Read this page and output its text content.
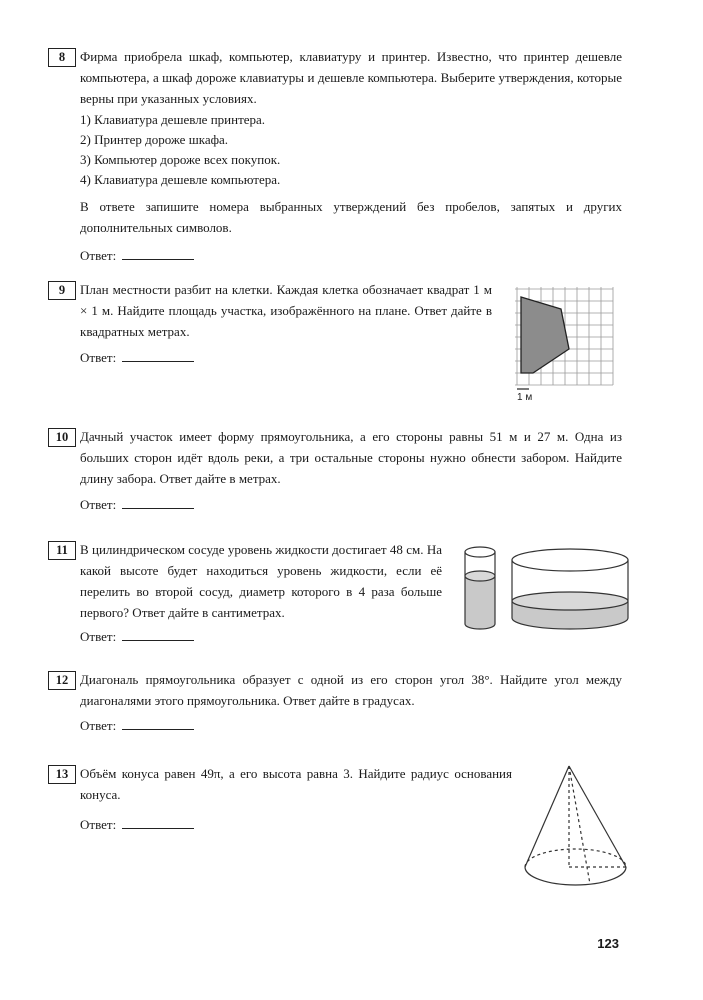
8	Фирма приобрела шкаф, компьютер, клавиатуру и принтер. Известно, что принтер дешевле компьютера, а шкаф дороже клавиатуры и дешевле компьютера. Выберите утверждения, которые верны при указанных условиях.
1) Клавиатура дешевле принтера.
2) Принтер дороже шкафа.
3) Компьютер дороже всех покупок.
4) Клавиатура дешевле компьютера.
В ответе запишите номера выбранных утверждений без пробелов, запятых и других дополнительных символов.
Ответ:
9	План местности разбит на клетки. Каждая клетка обозначает квадрат 1 м × 1 м. Найдите площадь участка, изображённого на плане. Ответ дайте в квадратных метрах.
Ответ:
1 м
10 Дачный участок имеет форму прямоугольника, а его стороны равны 51 м и 27 м. Одна из больших сторон идёт вдоль реки, а три остальные стороны нужно обнести забором. Найдите длину забора. Ответ дайте в метрах.
Ответ:
11 В цилиндрическом сосуде уровень жидкости достигает 48 см. На какой высоте будет находиться уровень жидкости, если её перелить во второй сосуд, диаметр которого в 4 раза больше первого? Ответ дайте в сантиметрах.
Ответ:
12 Диагональ прямоугольника образует с одной из его сторон угол 38°. Найдите угол между диагоналями этого прямоугольника. Ответ дайте в градусах.
Ответ:
13 Объём конуса равен 49π, а его высота равна 3. Найдите радиус основания конуса.
Ответ:
123
